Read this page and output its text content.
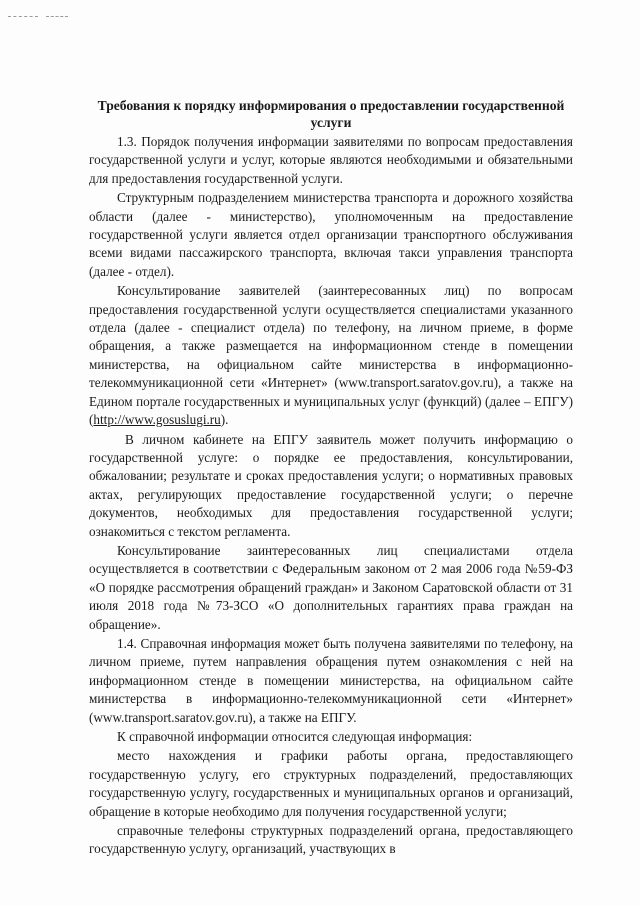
Требования к порядку информирования о предоставлении государственной услуги

1.3. Порядок получения информации заявителями по вопросам предоставления государственной услуги и услуг, которые являются необходимыми и обязательными для предоставления государственной услуги.

Структурным подразделением министерства транспорта и дорожного хозяйства области (далее - министерство), уполномоченным на предоставление государственной услуги является отдел организации транспортного обслуживания всеми видами пассажирского транспорта, включая такси управления транспорта (далее - отдел).

Консультирование заявителей (заинтересованных лиц) по вопросам предоставления государственной услуги осуществляется специалистами указанного отдела (далее - специалист отдела) по телефону, на личном приеме, в форме обращения, а также размещается на информационном стенде в помещении министерства, на официальном сайте министерства в информационно-телекоммуникационной сети «Интернет» (www.transport.saratov.gov.ru), а также на Едином портале государственных и муниципальных услуг (функций) (далее – ЕПГУ) (http://www.gosuslugi.ru).

В личном кабинете на ЕПГУ заявитель может получить информацию о государственной услуге: о порядке ее предоставления, консультировании, обжаловании; результате и сроках предоставления услуги; о нормативных правовых актах, регулирующих предоставление государственной услуги; о перечне документов, необходимых для предоставления государственной услуги; ознакомиться с текстом регламента.

Консультирование заинтересованных лиц специалистами отдела осуществляется в соответствии с Федеральным законом от 2 мая 2006 года №59-ФЗ «О порядке рассмотрения обращений граждан» и Законом Саратовской области от 31 июля 2018 года №73-ЗСО «О дополнительных гарантиях права граждан на обращение».

1.4. Справочная информация может быть получена заявителями по телефону, на личном приеме, путем направления обращения путем ознакомления с ней на информационном стенде в помещении министерства, на официальном сайте министерства в информационно-телекоммуникационной сети «Интернет» (www.transport.saratov.gov.ru), а также на ЕПГУ.

К справочной информации относится следующая информация:

место нахождения и графики работы органа, предоставляющего государственную услугу, его структурных подразделений, предоставляющих государственную услугу, государственных и муниципальных органов и организаций, обращение в которые необходимо для получения государственной услуги;

справочные телефоны структурных подразделений органа, предоставляющего государственную услугу, организаций, участвующих в
